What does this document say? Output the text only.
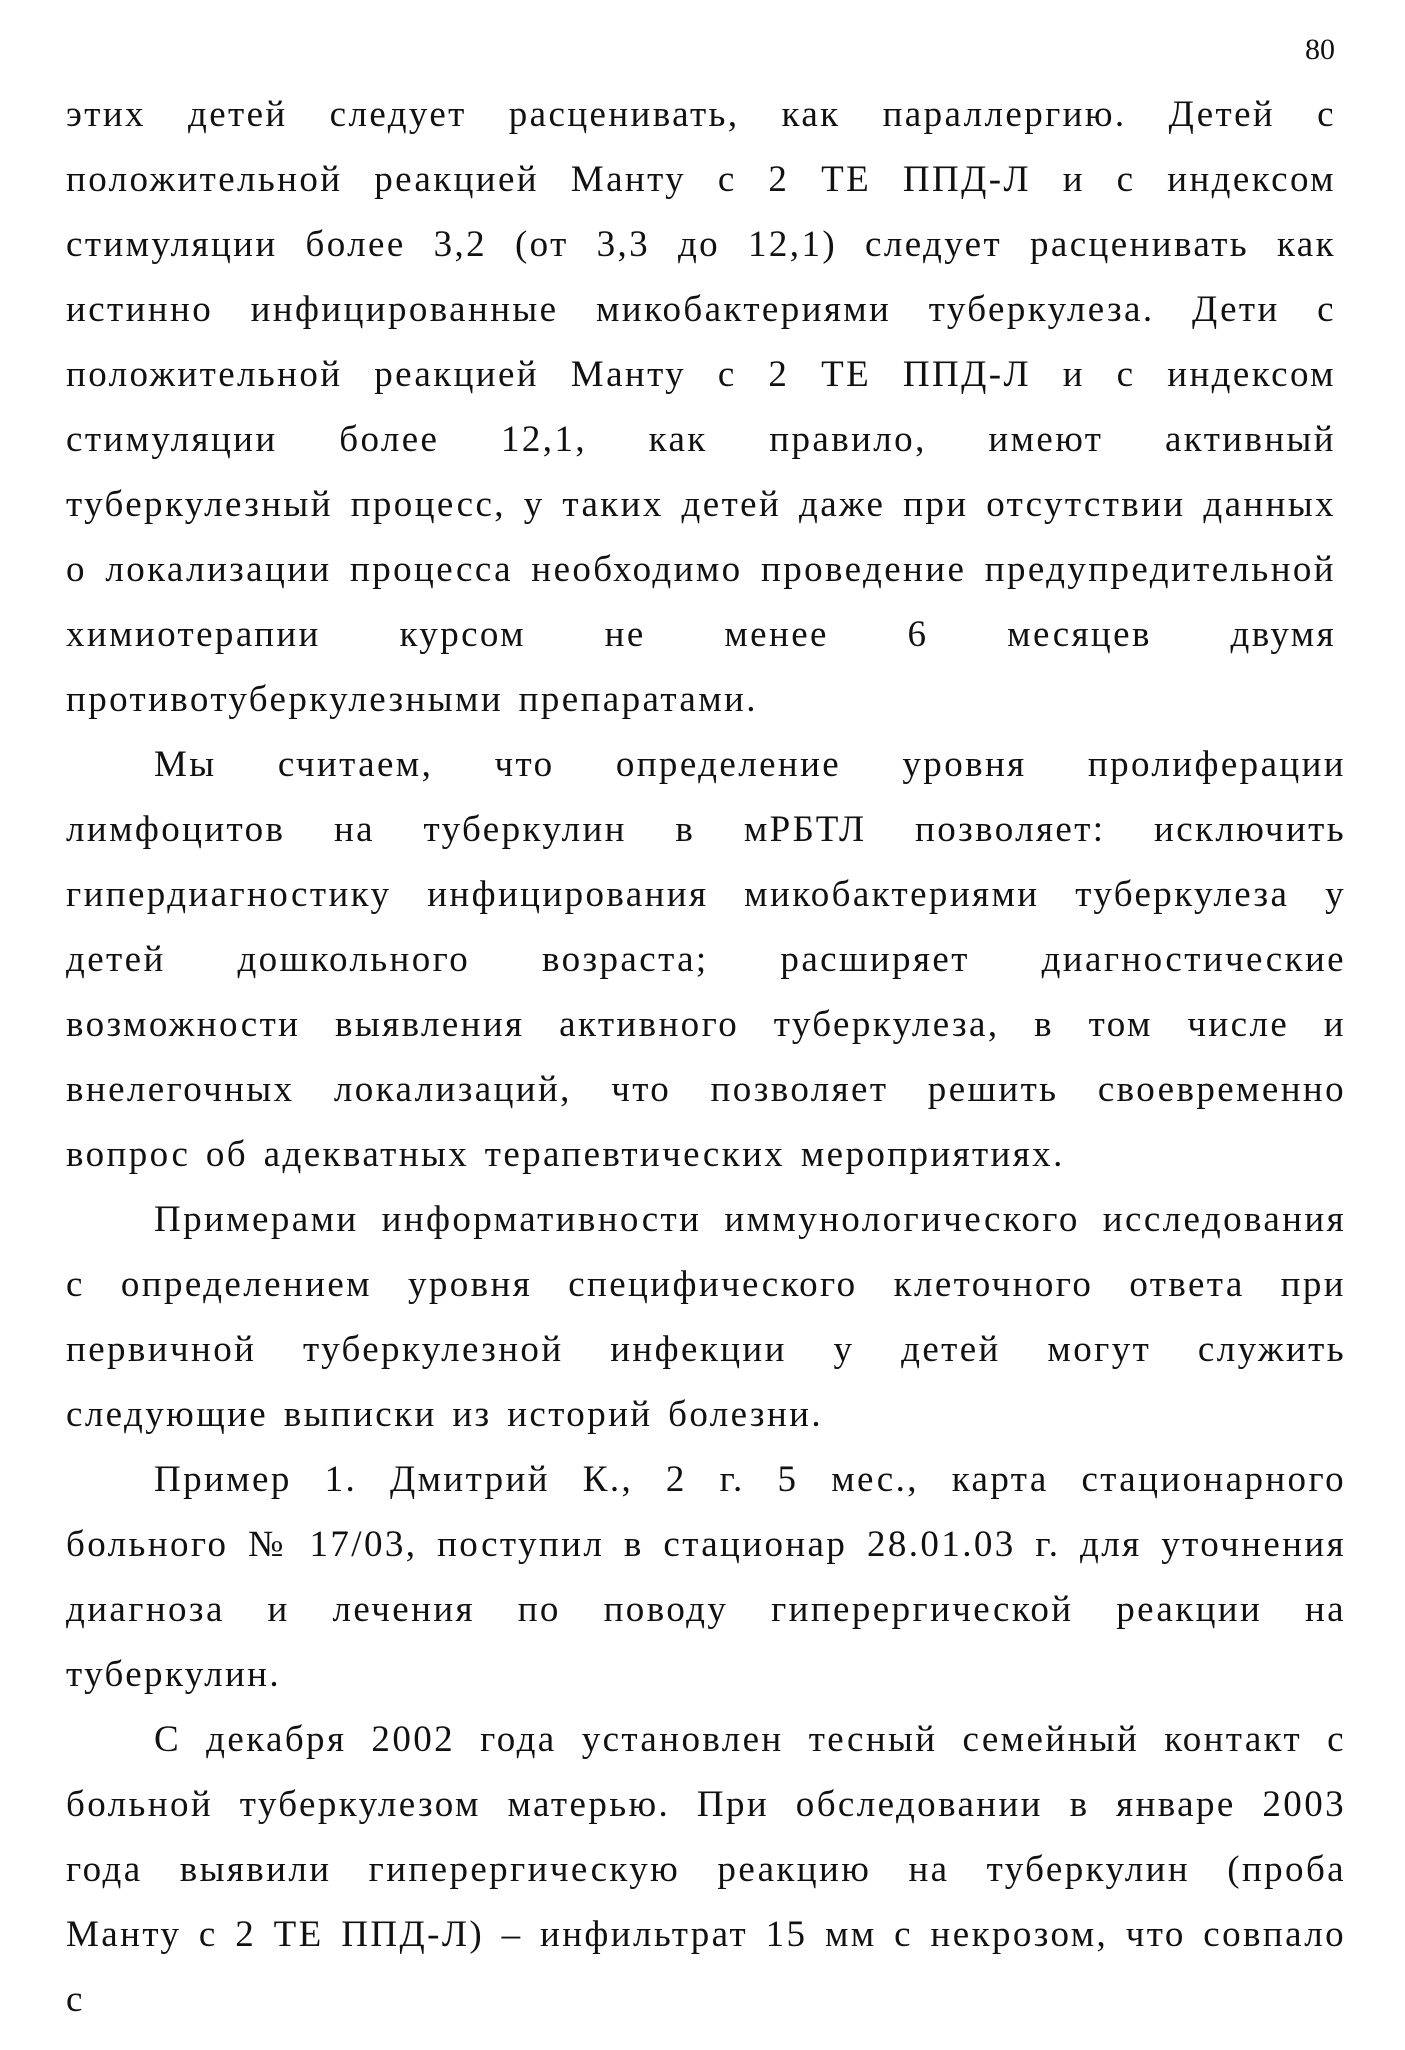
80

этих детей следует расценивать, как параллергию. Детей с положительной реакцией Манту с 2 ТЕ ППД-Л и с индексом стимуляции более 3,2 (от 3,3 до 12,1) следует расценивать как истинно инфицированные микобактериями туберкулеза. Дети с положительной реакцией Манту с 2 ТЕ ППД-Л и с индексом стимуляции более 12,1, как правило, имеют активный туберкулезный процесс, у таких детей даже при отсутствии данных о локализации процесса необходимо проведение предупредительной химиотерапии курсом не менее 6 месяцев двумя противотуберкулезными препаратами.

Мы считаем, что определение уровня пролиферации лимфоцитов на туберкулин в мРБТЛ позволяет: исключить гипердиагностику инфицирования микобактериями туберкулеза у детей дошкольного возраста; расширяет диагностические возможности выявления активного туберкулеза, в том числе и внелегочных локализаций, что позволяет решить своевременно вопрос об адекватных терапевтических мероприятиях.

Примерами информативности иммунологического исследования с определением уровня специфического клеточного ответа при первичной туберкулезной инфекции у детей могут служить следующие выписки из историй болезни.

Пример 1. Дмитрий К., 2 г. 5 мес., карта стационарного больного № 17/03, поступил в стационар 28.01.03 г. для уточнения диагноза и лечения по поводу гиперергической реакции на туберкулин.

С декабря 2002 года установлен тесный семейный контакт с больной туберкулезом матерью. При обследовании в январе 2003 года выявили гиперергическую реакцию на туберкулин (проба Манту с 2 ТЕ ППД-Л) – инфильтрат 15 мм с некрозом, что совпало с
